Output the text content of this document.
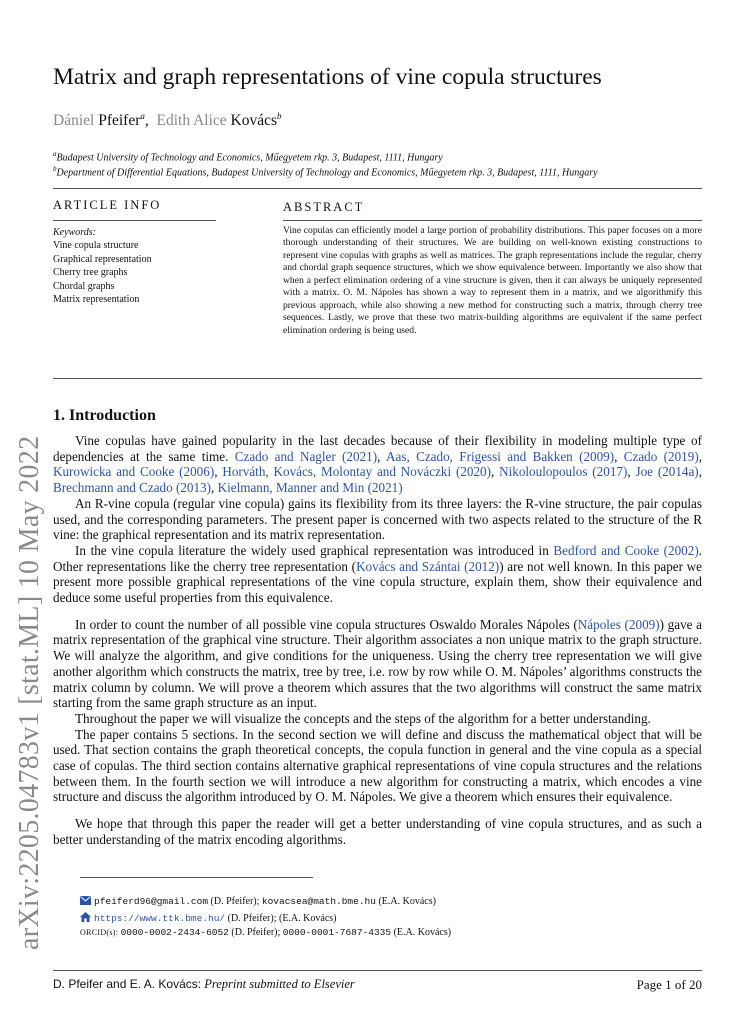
arXiv:2205.04783v1 [stat.ML] 10 May 2022
Matrix and graph representations of vine copula structures
Dániel Pfeifer$^a$,  Edith Alice Kovács$^b$
$^a$Budapest University of Technology and Economics, Műegyetem rkp. 3, Budapest, 1111, Hungary
$^b$Department of Differential Equations, Budapest University of Technology and Economics, Műegyetem rkp. 3, Budapest, 1111, Hungary
ARTICLE INFO
Keywords:
Vine copula structure
Graphical representation
Cherry tree graphs
Chordal graphs
Matrix representation
ABSTRACT
Vine copulas can efficiently model a large portion of probability distributions. This paper focuses on a more thorough understanding of their structures. We are building on well-known existing constructions to represent vine copulas with graphs as well as matrices. The graph representations include the regular, cherry and chordal graph sequence structures, which we show equivalence between. Importantly we also show that when a perfect elimination ordering of a vine structure is given, then it can always be uniquely represented with a matrix. O. M. Nápoles has shown a way to represent them in a matrix, and we algorithmify this previous approach, while also showing a new method for constructing such a matrix, through cherry tree sequences. Lastly, we prove that these two matrix-building algorithms are equivalent if the same perfect elimination ordering is being used.
1. Introduction

Vine copulas have gained popularity in the last decades because of their flexibility in modeling multiple type of dependencies at the same time. Czado and Nagler (2021), Aas, Czado, Frigessi and Bakken (2009), Czado (2019), Kurowicka and Cooke (2006), Horváth, Kovács, Molontay and Nováczki (2020), Nikoloulopoulos (2017), Joe (2014a), Brechmann and Czado (2013), Kielmann, Manner and Min (2021)

An R-vine copula (regular vine copula) gains its flexibility from its three layers: the R-vine structure, the pair copulas used, and the corresponding parameters. The present paper is concerned with two aspects related to the structure of the R vine: the graphical representation and its matrix representation.

In the vine copula literature the widely used graphical representation was introduced in Bedford and Cooke (2002). Other representations like the cherry tree representation (Kovács and Szántai (2012)) are not well known. In this paper we present more possible graphical representations of the vine copula structure, explain them, show their equivalence and deduce some useful properties from this equivalence.

In order to count the number of all possible vine copula structures Oswaldo Morales Nápoles (Nápoles (2009)) gave a matrix representation of the graphical vine structure. Their algorithm associates a non unique matrix to the graph structure. We will analyze the algorithm, and give conditions for the uniqueness. Using the cherry tree representation we will give another algorithm which constructs the matrix, tree by tree, i.e. row by row while O. M. Nápoles’ algorithms constructs the matrix column by column. We will prove a theorem which assures that the two algorithms will construct the same matrix starting from the same graph structure as an input.

Throughout the paper we will visualize the concepts and the steps of the algorithm for a better understanding.

The paper contains 5 sections. In the second section we will define and discuss the mathematical object that will be used. That section contains the graph theoretical concepts, the copula function in general and the vine copula as a special case of copulas. The third section contains alternative graphical representations of vine copula structures and the relations between them. In the fourth section we will introduce a new algorithm for constructing a matrix, which encodes a vine structure and discuss the algorithm introduced by O. M. Nápoles. We give a theorem which ensures their equivalence.

We hope that through this paper the reader will get a better understanding of vine copula structures, and as such a better understanding of the matrix encoding algorithms.

pfeiferd96@gmail.com (D. Pfeifer); kovacsea@math.bme.hu (E.A. Kovács)
https://www.ttk.bme.hu/ (D. Pfeifer); (E.A. Kovács)
ORCID(s): 0000-0002-2434-6052 (D. Pfeifer); 0000-0001-7687-4335 (E.A. Kovács)
D. Pfeifer and E. A. Kovács: Preprint submitted to Elsevier	Page 1 of 20
